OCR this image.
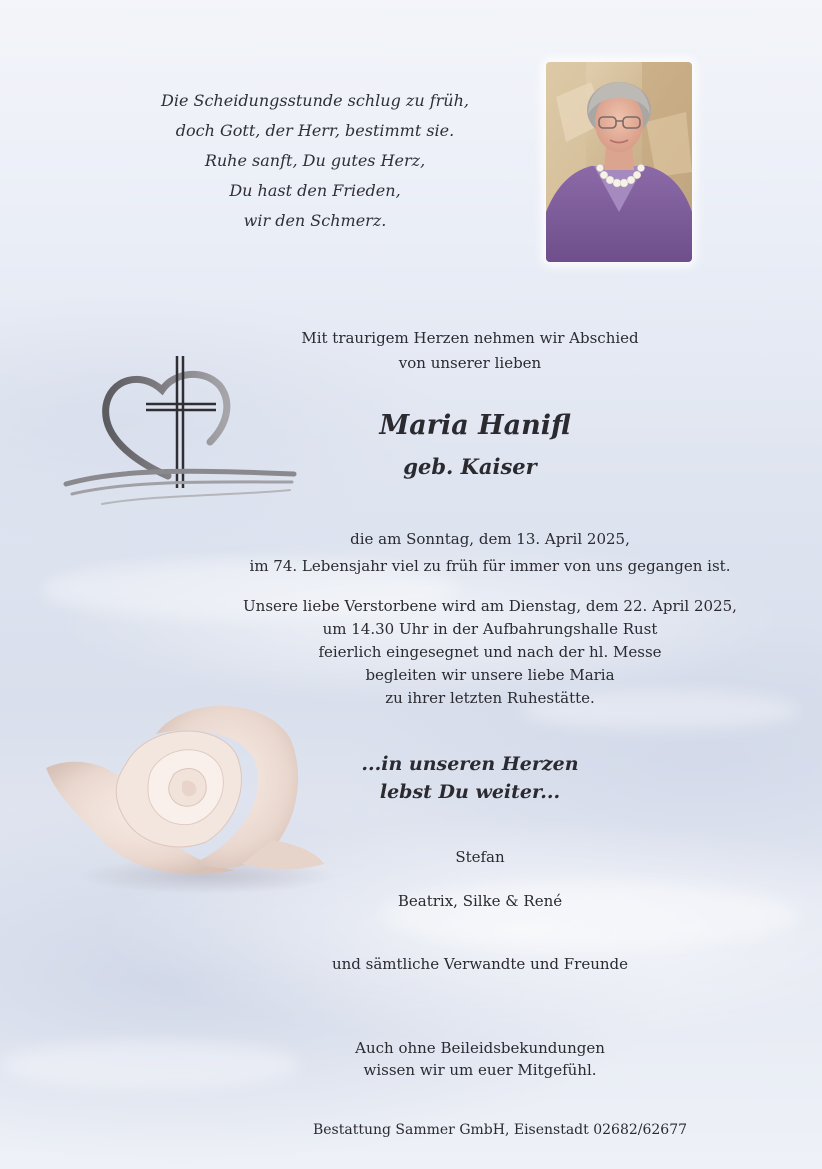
Die Scheidungsstunde schlug zu früh,
doch Gott, der Herr, bestimmt sie.
Ruhe sanft, Du gutes Herz,
Du hast den Frieden,
wir den Schmerz.
Mit traurigem Herzen nehmen wir Abschied
von unserer lieben
Maria Hanifl
geb. Kaiser
die am Sonntag, dem 13. April 2025,
im 74. Lebensjahr viel zu früh für immer von uns gegangen ist.
Unsere liebe Verstorbene wird am Dienstag, dem 22. April 2025,
um 14.30 Uhr in der Aufbahrungshalle Rust
feierlich eingesegnet und nach der hl. Messe
begleiten wir unsere liebe Maria
zu ihrer letzten Ruhestätte.
...in unseren Herzen
lebst Du weiter...
Stefan
Beatrix, Silke & René
und sämtliche Verwandte und Freunde
Auch ohne Beileidsbekundungen
wissen wir um euer Mitgefühl.
Bestattung Sammer GmbH, Eisenstadt 02682/62677
